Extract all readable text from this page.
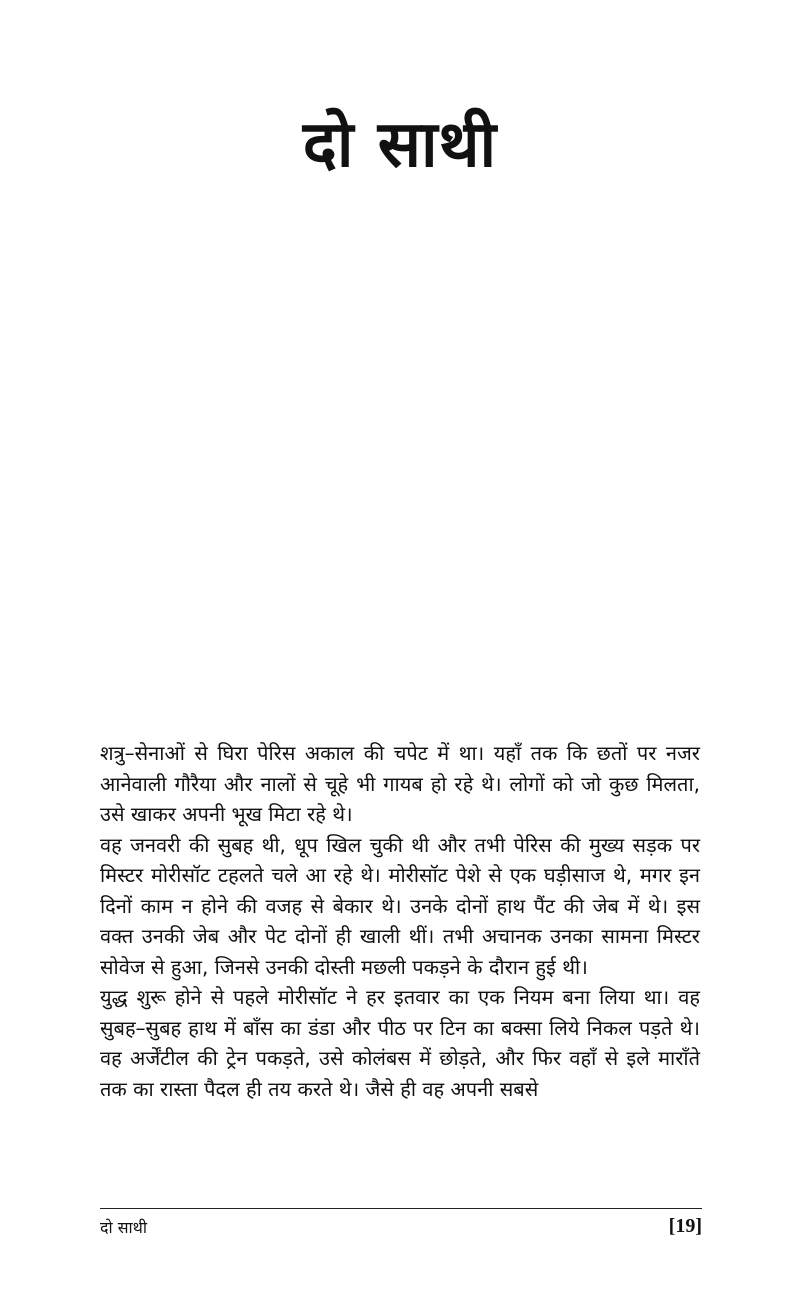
दो साथी

शत्रु–सेनाओं से घिरा पेरिस अकाल की चपेट में था। यहाँ तक कि छतों पर नजर आनेवाली गौरैया और नालों से चूहे भी गायब हो रहे थे। लोगों को जो कुछ मिलता, उसे खाकर अपनी भूख मिटा रहे थे।

वह जनवरी की सुबह थी, धूप खिल चुकी थी और तभी पेरिस की मुख्य सड़क पर मिस्टर मोरीसॉट टहलते चले आ रहे थे। मोरीसॉट पेशे से एक घड़ीसाज थे, मगर इन दिनों काम न होने की वजह से बेकार थे। उनके दोनों हाथ पैंट की जेब में थे। इस वक्त उनकी जेब और पेट दोनों ही खाली थीं। तभी अचानक उनका सामना मिस्टर सोवेज से हुआ, जिनसे उनकी दोस्ती मछली पकड़ने के दौरान हुई थी।

युद्ध शुरू होने से पहले मोरीसॉट ने हर इतवार का एक नियम बना लिया था। वह सुबह–सुबह हाथ में बाँस का डंडा और पीठ पर टिन का बक्सा लिये निकल पड़ते थे। वह अर्जेंटील की ट्रेन पकड़ते, उसे कोलंबस में छोड़ते, और फिर वहाँ से इले माराँते तक का रास्ता पैदल ही तय करते थे। जैसे ही वह अपनी सबसे

दो साथी	[19]
